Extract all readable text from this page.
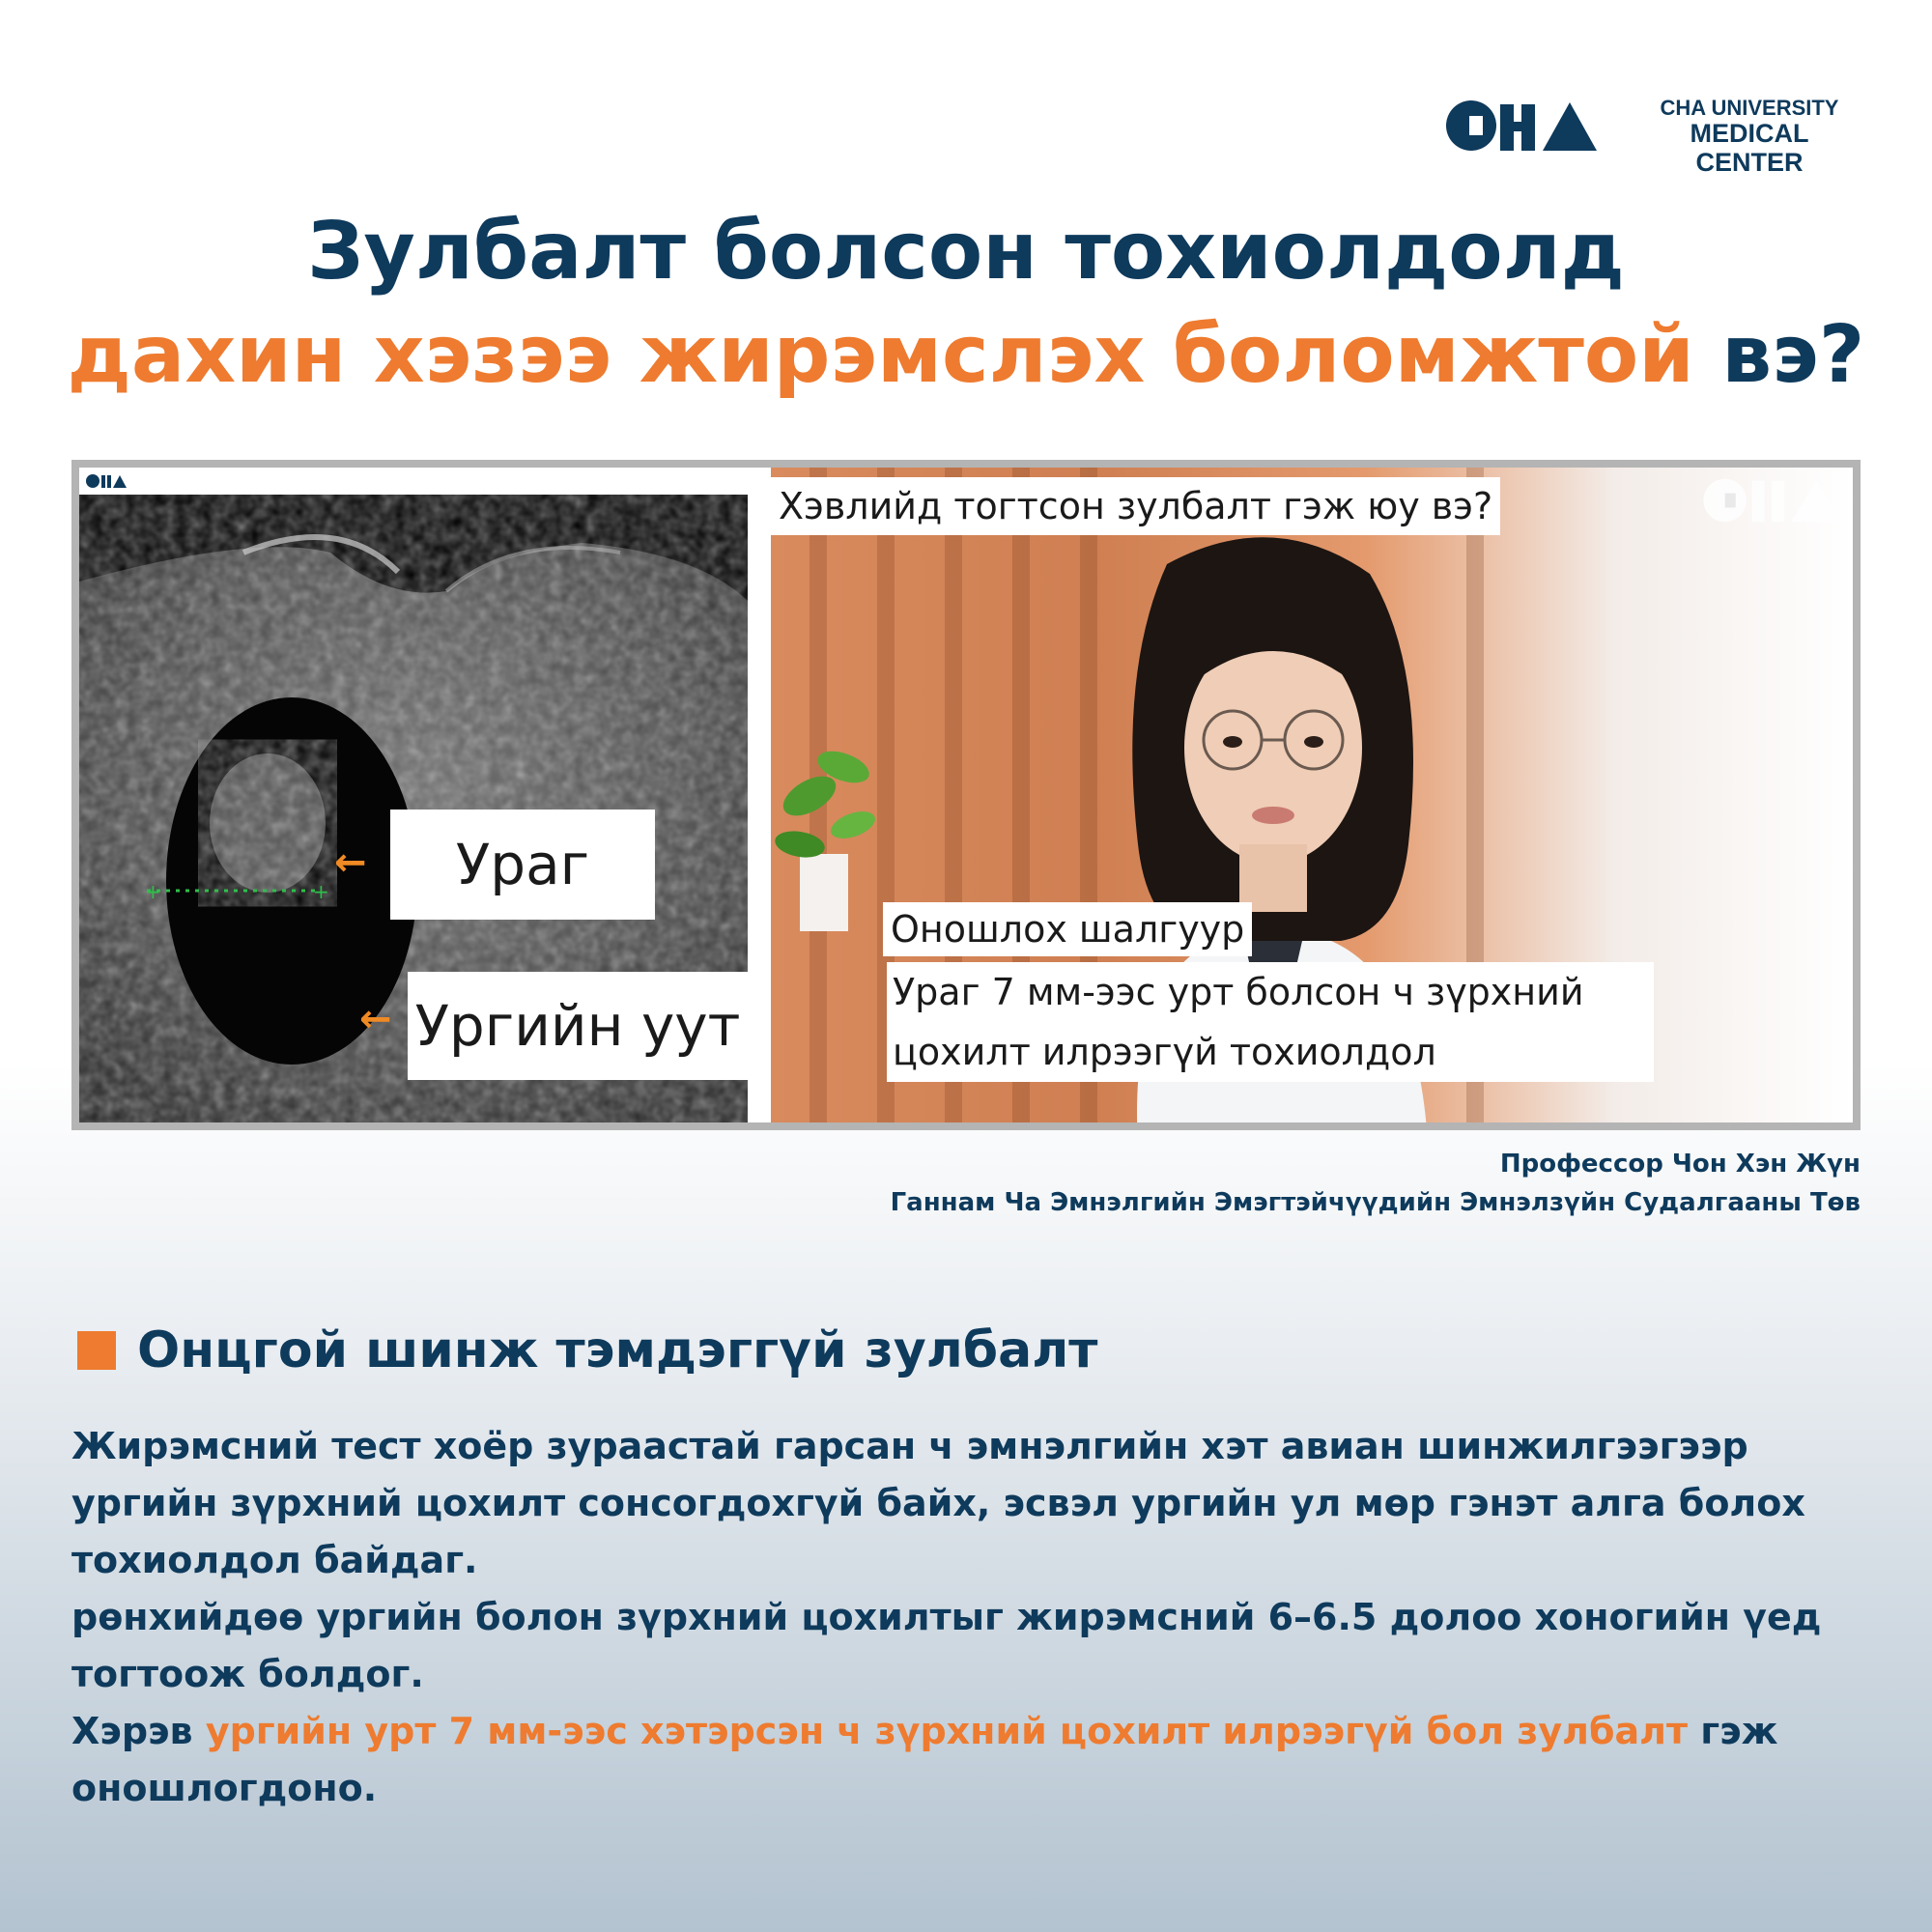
CHA UNIVERSITY
MEDICAL CENTER
Зулбалт болсон тохиолдолд
дахин хэзээ жирэмслэх боломжтой вэ?
+	+
←	Ураг
← Ургийн уут
Хэвлийд тогтсон зулбалт гэж юу вэ?
Оношлох шалгуур
Ураг 7 мм-ээс урт болсон ч зүрхний
цохилт илрээгүй тохиолдол
Профессор Чон Хэн Жүн
Ганнам Ча Эмнэлгийн Эмэгтэйчүүдийн Эмнэлзүйн Судалгааны Төв
Онцгой шинж тэмдэггүй зулбалт

Жирэмсний тест хоёр зураастай гарсан ч эмнэлгийн хэт авиан шинжилгээгээр ургийн зүрхний цохилт сонсогдохгүй байх, эсвэл ургийн ул мөр гэнэт алга болох тохиолдол байдаг.

рөнхийдөө ургийн болон зүрхний цохилтыг жирэмсний 6–6.5 долоо хоногийн үед тогтоож болдог.

Хэрэв ургийн урт 7 мм-ээс хэтэрсэн ч зүрхний цохилт илрээгүй бол зулбалт гэж оношлогдоно.
